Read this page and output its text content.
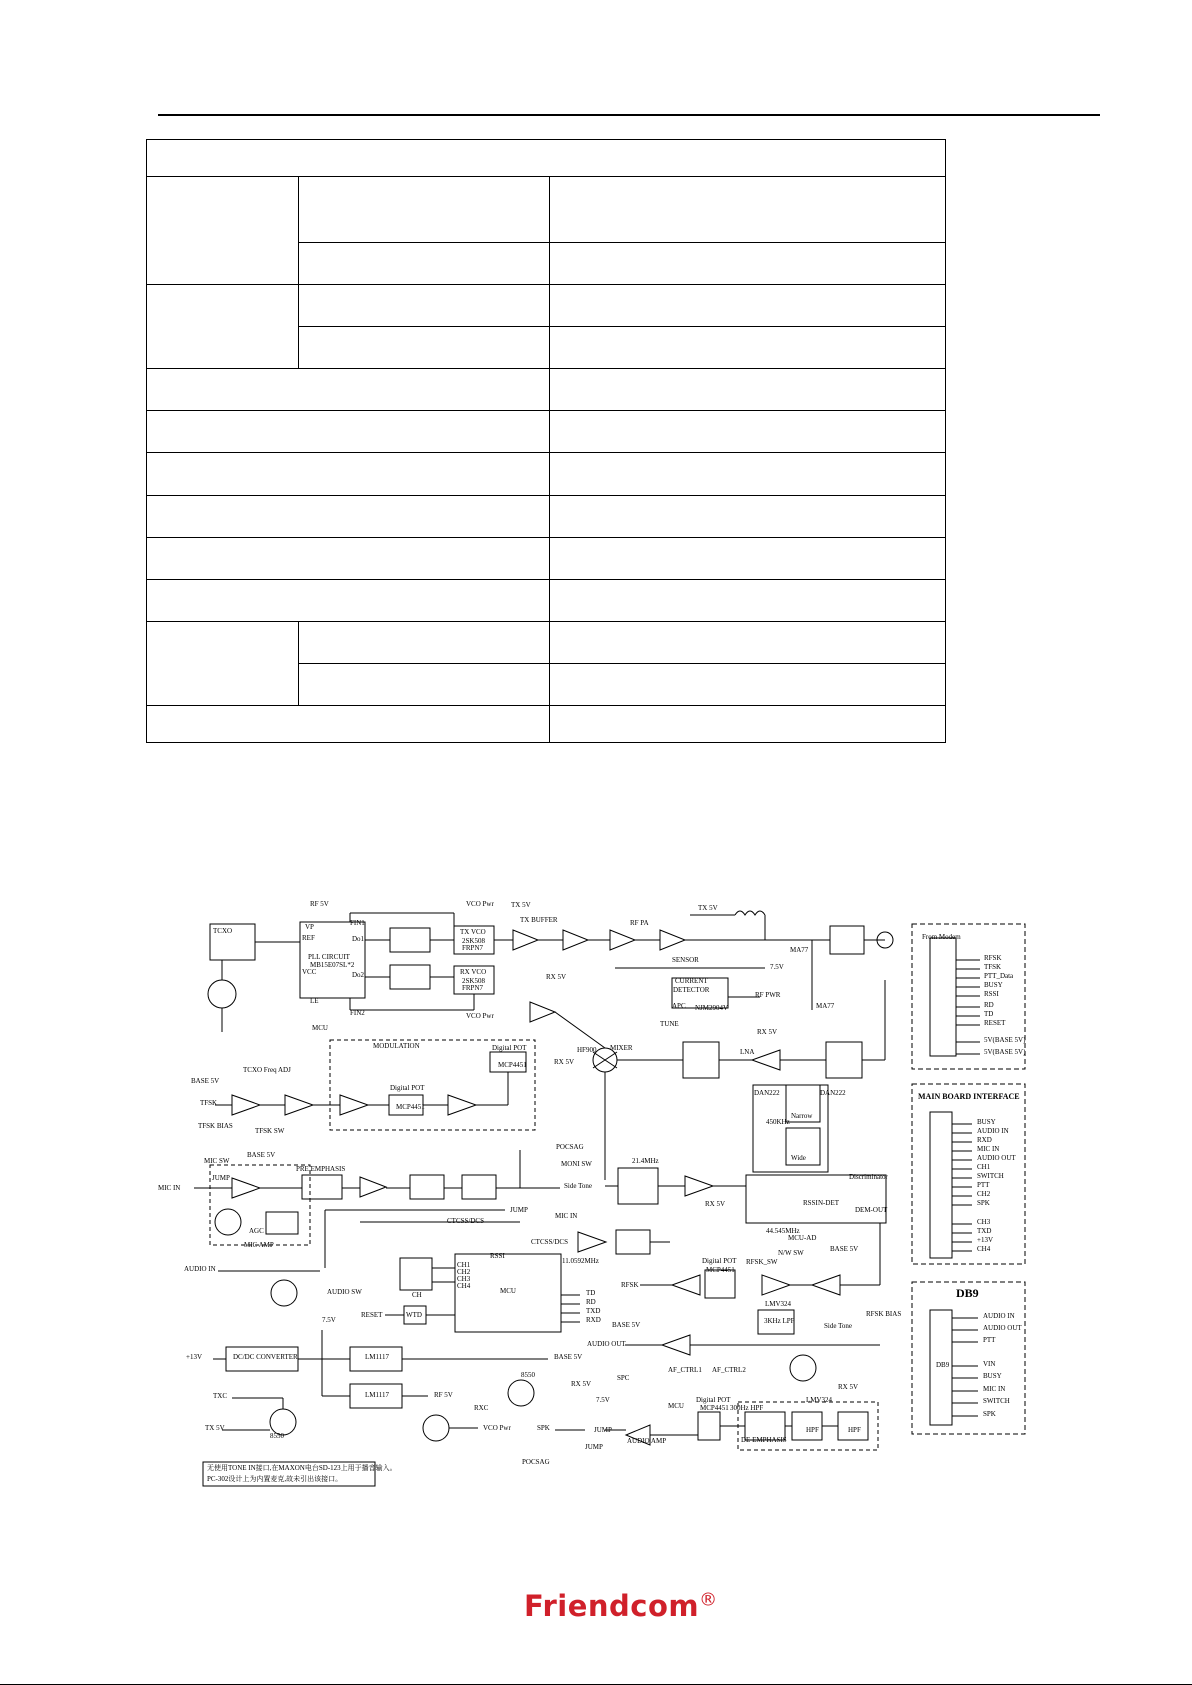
RF 5V
TCXO	VP
REF
PLL CIRCUIT
MB15E07SL*2
VCC
Do1
Do2
FIN1
FIN2
MCU
LE
TX VCO
2SK508
FRPN7
RX VCO
2SK508
FRPN7
VCO Pwr
VCO Pwr
TX 5V
TX BUFFER	RF PA
TX 5V
MA77
MA77
SENSOR
7.5V
CURRENT
DETECTOR
APC NJM2904V
RF PWR
RX 5V
TUNE
RX 5V
LNA
HF900 MIXER
RX 5V
MODULATION	Digital POT
MCP4451
TCXO Freq ADJ
BASE 5V
TFSK
TFSK BIAS
TFSK SW
Digital POT
MCP4451
DAN222	DAN222
Narrow
Wide
450KHz
POCSAG
MONI SW
Side Tone
MIC SW
BASE 5V
PRE EMPHASIS
MIC IN
JUMP
AGC
MIC AMP
21.4MHz
RX 5V
Discriminator
RSSI N-DET
DEM-OUT
44.545MHz
MCU-AD
CTCSS/DCS
JUMP
MIC IN
CTCSS/DCS
RSSI
11.0592MHz
CH1
CH2
CH3
CH4
CH	MCU	TD
RD
TXD
RXD
RESET	WTD
AUDIO IN
AUDIO SW
N/W SW	BASE 5V
Digital POT
MCP4451
RFSK_SW
RFSK
RFSK BIAS
3KHz LPF
LMV324
Side Tone
BASE 5V
AUDIO OUT
AF_CTRL1 AF_CTRL2
7.5V
+13V	DC/DC CONVERTER	LM1117	BASE 5V
LM1117	RF 5V
8550
RX 5V
RXC
TXC
TX 5V
8550
VCO Pwr
SPC
7.5V
MCU
Digital POT
MCP4451 300Hz HPF
LMV324
RX 5V
SPK	JUMP
AUDIO AMP	DE EMPHASIS
HPF	HPF
JUMP
POCSAG
无使用TONE IN接口,在MAXON电台SD-123上用于播音输入。
PC-302设计上为内置麦克,故未引出该接口。
From Modem
RFSK
TFSK
PTT_Data
BUSY
RSSI
RD
TD
RESET
5V(BASE 5V)
5V(BASE 5V)
MAIN BOARD INTERFACE
BUSY
AUDIO IN
RXD
MIC IN
AUDIO OUT
CH1
SWITCH
PTT
CH2
SPK
CH3
TXD
+13V
CH4
DB9
DB9
AUDIO IN
AUDIO OUT
PTT
VIN
BUSY
MIC IN
SWITCH
SPK
Friendcom®
